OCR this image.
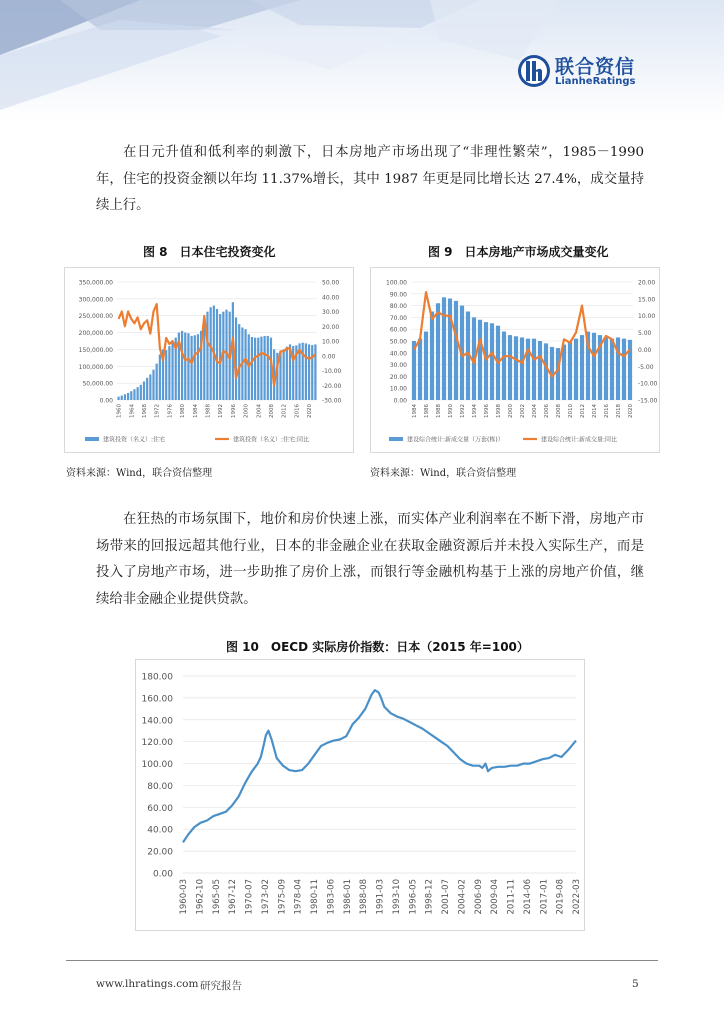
联合资信
LianheRatings

在日元升值和低利率的刺激下，日本房地产市场出现了“非理性繁荣”，1985－1990 年，住宅的投资金额以年均 11.37%增长，其中 1987 年更是同比增长达 27.4%，成交量持续上行。

图 8　日本住宅投资变化
0.00
50,000.00
100,000.00
150,000.00
200,000.00
250,000.00
300,000.00
350,000.00
-30.00
-20.00
-10.00
0.00
10.00
20.00
30.00
40.00
50.00
1960 1964 1968 1972 1976 1980 1984 1988 1992 1996 2000 2004 2008 2012 2016 2020
建筑投资（名义）:住宅	建筑投资（名义）:住宅:同比
资料来源：Wind，联合资信整理
图 9　日本房地产市场成交量变化
0.00
10.00
20.00
30.00
40.00
50.00
60.00
70.00
80.00
90.00
100.00
-15.00
-10.00
-5.00
0.00
5.00
10.00
15.00
20.00
1984 1986 1988 1990 1992 1994 1996 1998 2000 2002 2004 2006 2008 2010 2012 2014 2016 2018 2020
建设综合统计:新成交量（万套(栋)）	建设综合统计:新成交量:同比
资料来源：Wind，联合资信整理

在狂热的市场氛围下，地价和房价快速上涨，而实体产业利润率在不断下滑，房地产市场带来的回报远超其他行业，日本的非金融企业在获取金融资源后并未投入实际生产，而是投入了房地产市场，进一步助推了房价上涨，而银行等金融机构基于上涨的房地产价值，继续给非金融企业提供贷款。

图 10　OECD 实际房价指数：日本（2015 年=100）
0.00
20.00
40.00
60.00
80.00
100.00
120.00
140.00
160.00
180.00
1960-03 1962-10 1965-05 1967-12 1970-07 1973-02 1975-09 1978-04 1980-11 1983-06 1986-01 1988-08 1991-03 1993-10 1996-05 1998-12 2001-07 2004-02 2006-09 2009-04 2011-11 2014-06 2017-01 2019-08 2022-03
www.lhratings.com 研究报告	5
